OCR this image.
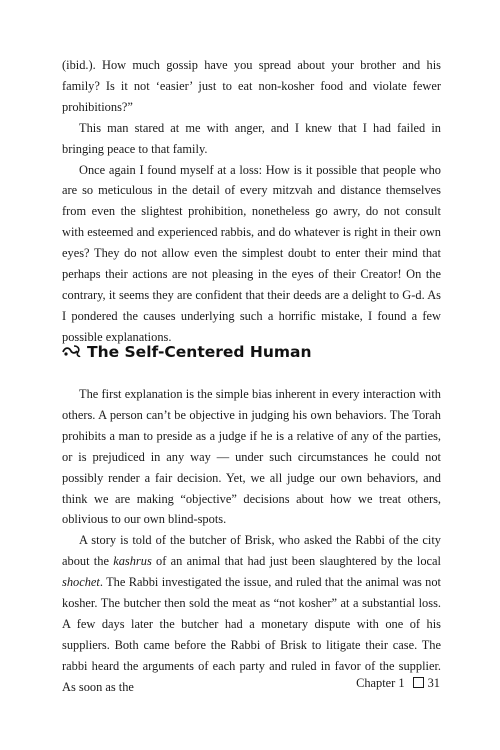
(ibid.). How much gossip have you spread about your brother and his family? Is it not ‘easier’ just to eat non-kosher food and violate fewer prohibitions?”

This man stared at me with anger, and I knew that I had failed in bringing peace to that family.

Once again I found myself at a loss: How is it possible that people who are so meticulous in the detail of every mitzvah and distance themselves from even the slightest prohibition, nonetheless go awry, do not consult with esteemed and experienced rabbis, and do whatever is right in their own eyes? They do not allow even the simplest doubt to enter their mind that perhaps their actions are not pleasing in the eyes of their Creator! On the contrary, it seems they are confident that their deeds are a delight to G-d. As I pondered the causes underlying such a horrific mistake, I found a few possible explanations.

The Self-Centered Human

The first explanation is the simple bias inherent in every interaction with others. A person can’t be objective in judging his own behaviors. The Torah prohibits a man to preside as a judge if he is a relative of any of the parties, or is prejudiced in any way — under such circumstances he could not possibly render a fair decision. Yet, we all judge our own behaviors, and think we are making “objective” decisions about how we treat others, oblivious to our own blind-spots.

A story is told of the butcher of Brisk, who asked the Rabbi of the city about the kashrus of an animal that had just been slaughtered by the local shochet. The Rabbi investigated the issue, and ruled that the animal was not kosher. The butcher then sold the meat as “not kosher” at a substantial loss. A few days later the butcher had a monetary dispute with one of his suppliers. Both came before the Rabbi of Brisk to litigate their case. The rabbi heard the arguments of each party and ruled in favor of the supplier. As soon as the	Chapter 1 31
